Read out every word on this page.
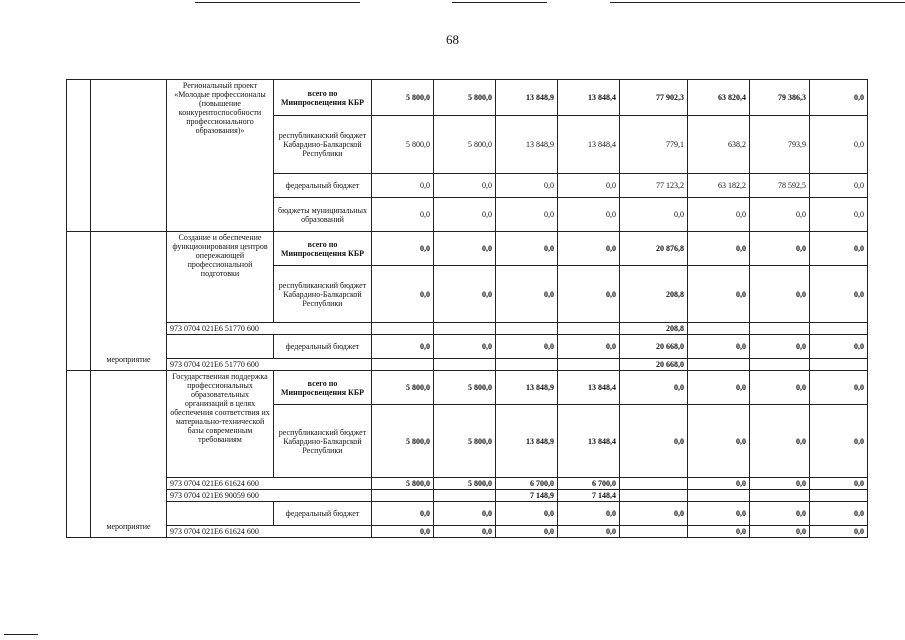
68
		Региональный проект «Молодые профессионалы (повышение конкурентоспособности профессионального образования)»	всего по Минпросвещения КБР	5 800,0	5 800,0	13 848,9	13 848,4	77 902,3	63 820,4	79 386,3	0,0
			республиканский бюджет Кабардино-Балкарской Республики	5 800,0	5 800,0	13 848,9	13 848,4	779,1	638,2	793,9	0,0
			федеральный бюджет	0,0	0,0	0,0	0,0	77 123,2	63 182,2	78 592,5	0,0
			бюджеты муниципальных образований	0,0	0,0	0,0	0,0	0,0	0,0	0,0	0,0
	мероприятие	Создание и обеспечение функционирования центров опережающей профессиональной подготовки	всего по Минпросвещения КБР	0,0	0,0	0,0	0,0	20 876,8	0,0	0,0	0,0
			республиканский бюджет Кабардино-Балкарской Республики	0,0	0,0	0,0	0,0	208,8	0,0	0,0	0,0
		973 0704 021E6 51770 600						208,8			
			федеральный бюджет	0,0	0,0	0,0	0,0	20 668,0	0,0	0,0	0,0
		973 0704 021E6 51770 600						20 668,0			
	мероприятие	Государственная поддержка профессиональных образовательных организаций в целях обеспечения соответствия их материально-технической базы современным требованиям	всего по Минпросвещения КБР	5 800,0	5 800,0	13 848,9	13 848,4	0,0	0,0	0,0	0,0
			республиканский бюджет Кабардино-Балкарской Республики	5 800,0	5 800,0	13 848,9	13 848,4	0,0	0,0	0,0	0,0
		973 0704 021E6 61624 600		5 800,0	5 800,0	6 700,0	6 700,0		0,0	0,0	0,0
		973 0704 021E6 90059 600				7 148,9	7 148,4				
			федеральный бюджет	0,0	0,0	0,0	0,0	0,0	0,0	0,0	0,0
		973 0704 021E6 61624 600		0,0	0,0	0,0	0,0		0,0	0,0	0,0
